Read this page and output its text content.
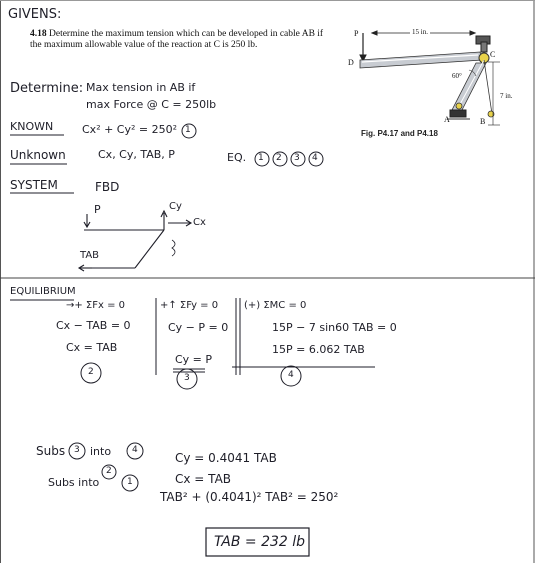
GIVENS:
4.18 Determine the maximum tension which can be developed in cable AB if the maximum allowable value of the reaction at C is 250 lb.
P
D
C
A	B
15 in.
7 in.
60°
Fig. P4.17 and P4.18
Determine: Max tension in AB if
max Force @ C = 250lb
KNOWN	Cx² + Cy² = 250² 1
Unknown	Cx, Cy, TAB, P	EQ. 1 2 3 4
SYSTEM	FBD
P	Cy
Cx
TAB
EQUILIBRIUM
→+ ΣFx = 0
Cx − TAB = 0
Cx = TAB
2
+↑ ΣFy = 0
Cy − P = 0
Cy = P
3
(+) ΣMC = 0
15P − 7 sin60 TAB = 0
15P = 6.062 TAB
4
Subs 3 into 4
Cy = 0.4041 TAB
Cx = TAB
2
Subs into	1
TAB² + (0.4041)² TAB² = 250²
TAB = 232 lb
